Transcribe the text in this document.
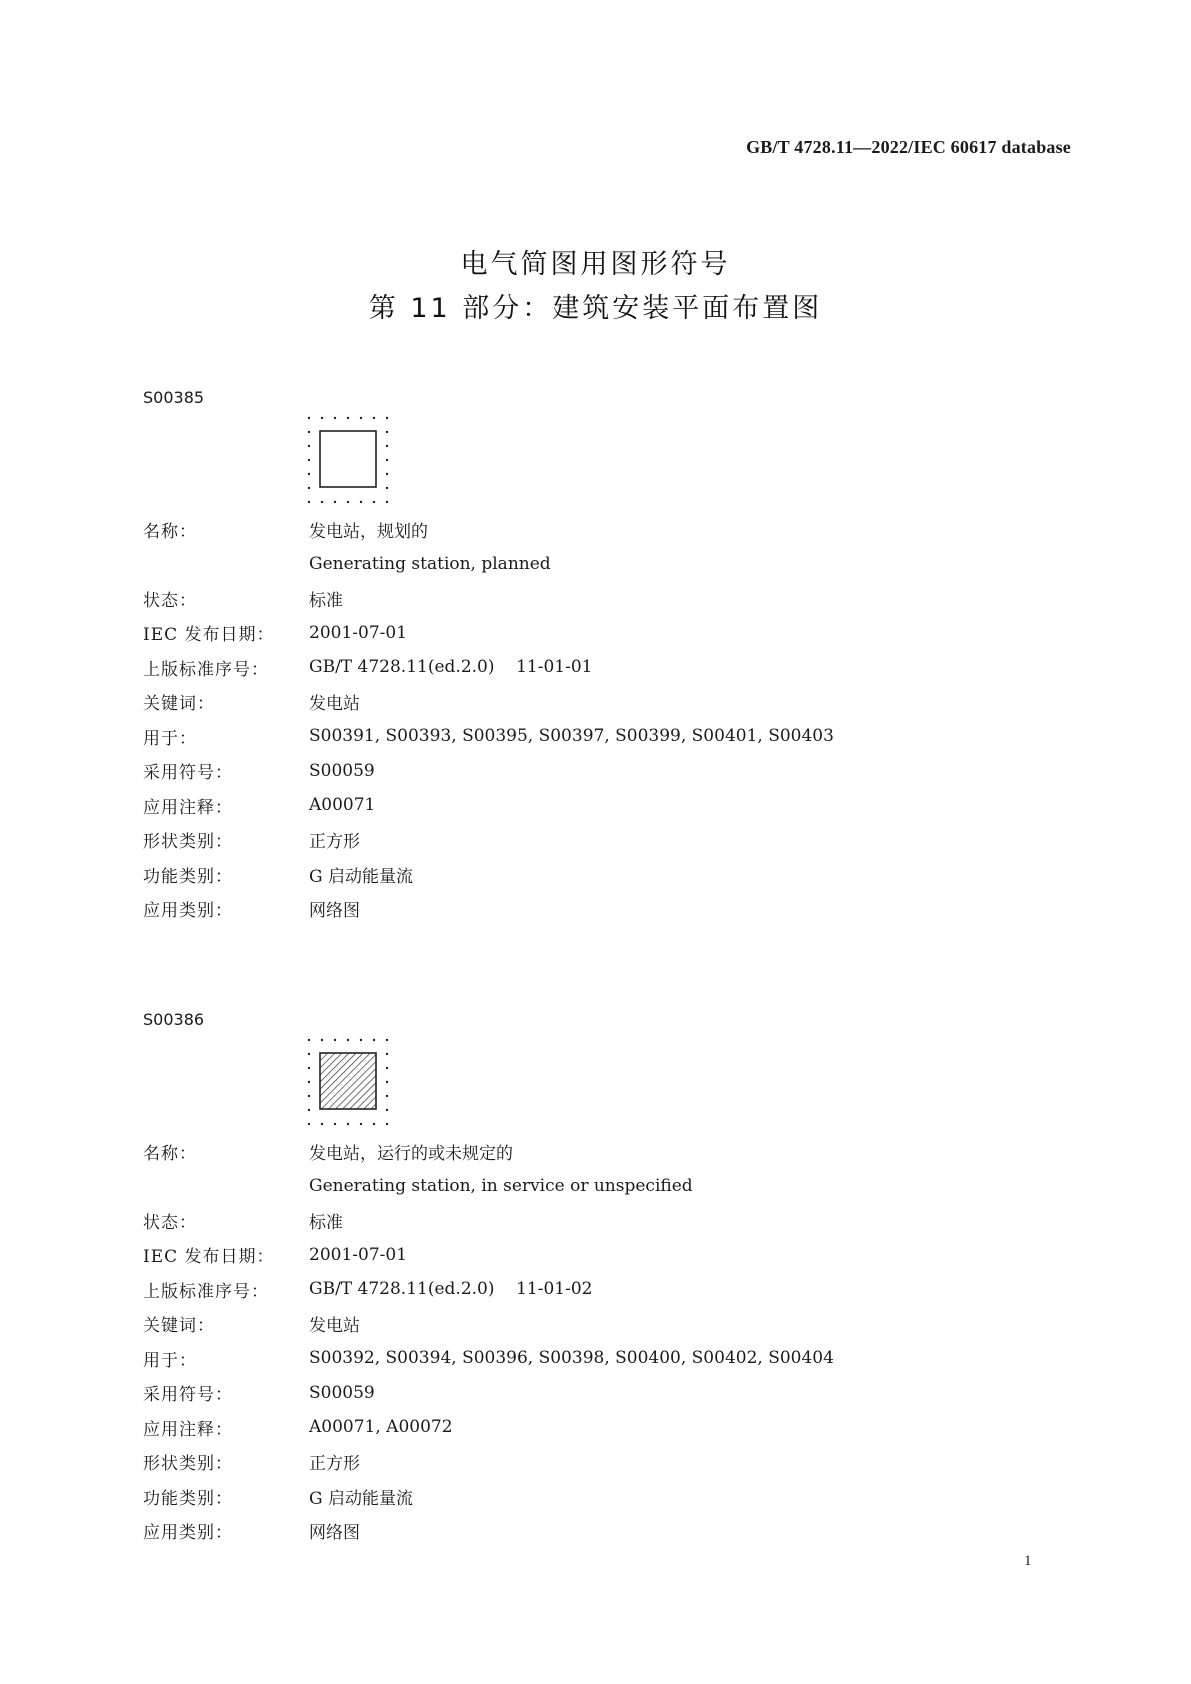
GB/T 4728.11—2022/IEC 60617 database
电气简图用图形符号
第 11 部分：建筑安装平面布置图
S00385
名称：	发电站，规划的
Generating station, planned
状态：	标准
IEC 发布日期：	2001-07-01
上版标准序号：	GB/T 4728.11(ed.2.0)    11-01-01
关键词：	发电站
用于：	S00391, S00393, S00395, S00397, S00399, S00401, S00403
采用符号：	S00059
应用注释：	A00071
形状类别：	正方形
功能类别：	G 启动能量流
应用类别：	网络图
S00386
名称：	发电站，运行的或未规定的
Generating station, in service or unspecified
状态：	标准
IEC 发布日期：	2001-07-01
上版标准序号：	GB/T 4728.11(ed.2.0)    11-01-02
关键词：	发电站
用于：	S00392, S00394, S00396, S00398, S00400, S00402, S00404
采用符号：	S00059
应用注释：	A00071, A00072
形状类别：	正方形
功能类别：	G 启动能量流
应用类别：	网络图
1
